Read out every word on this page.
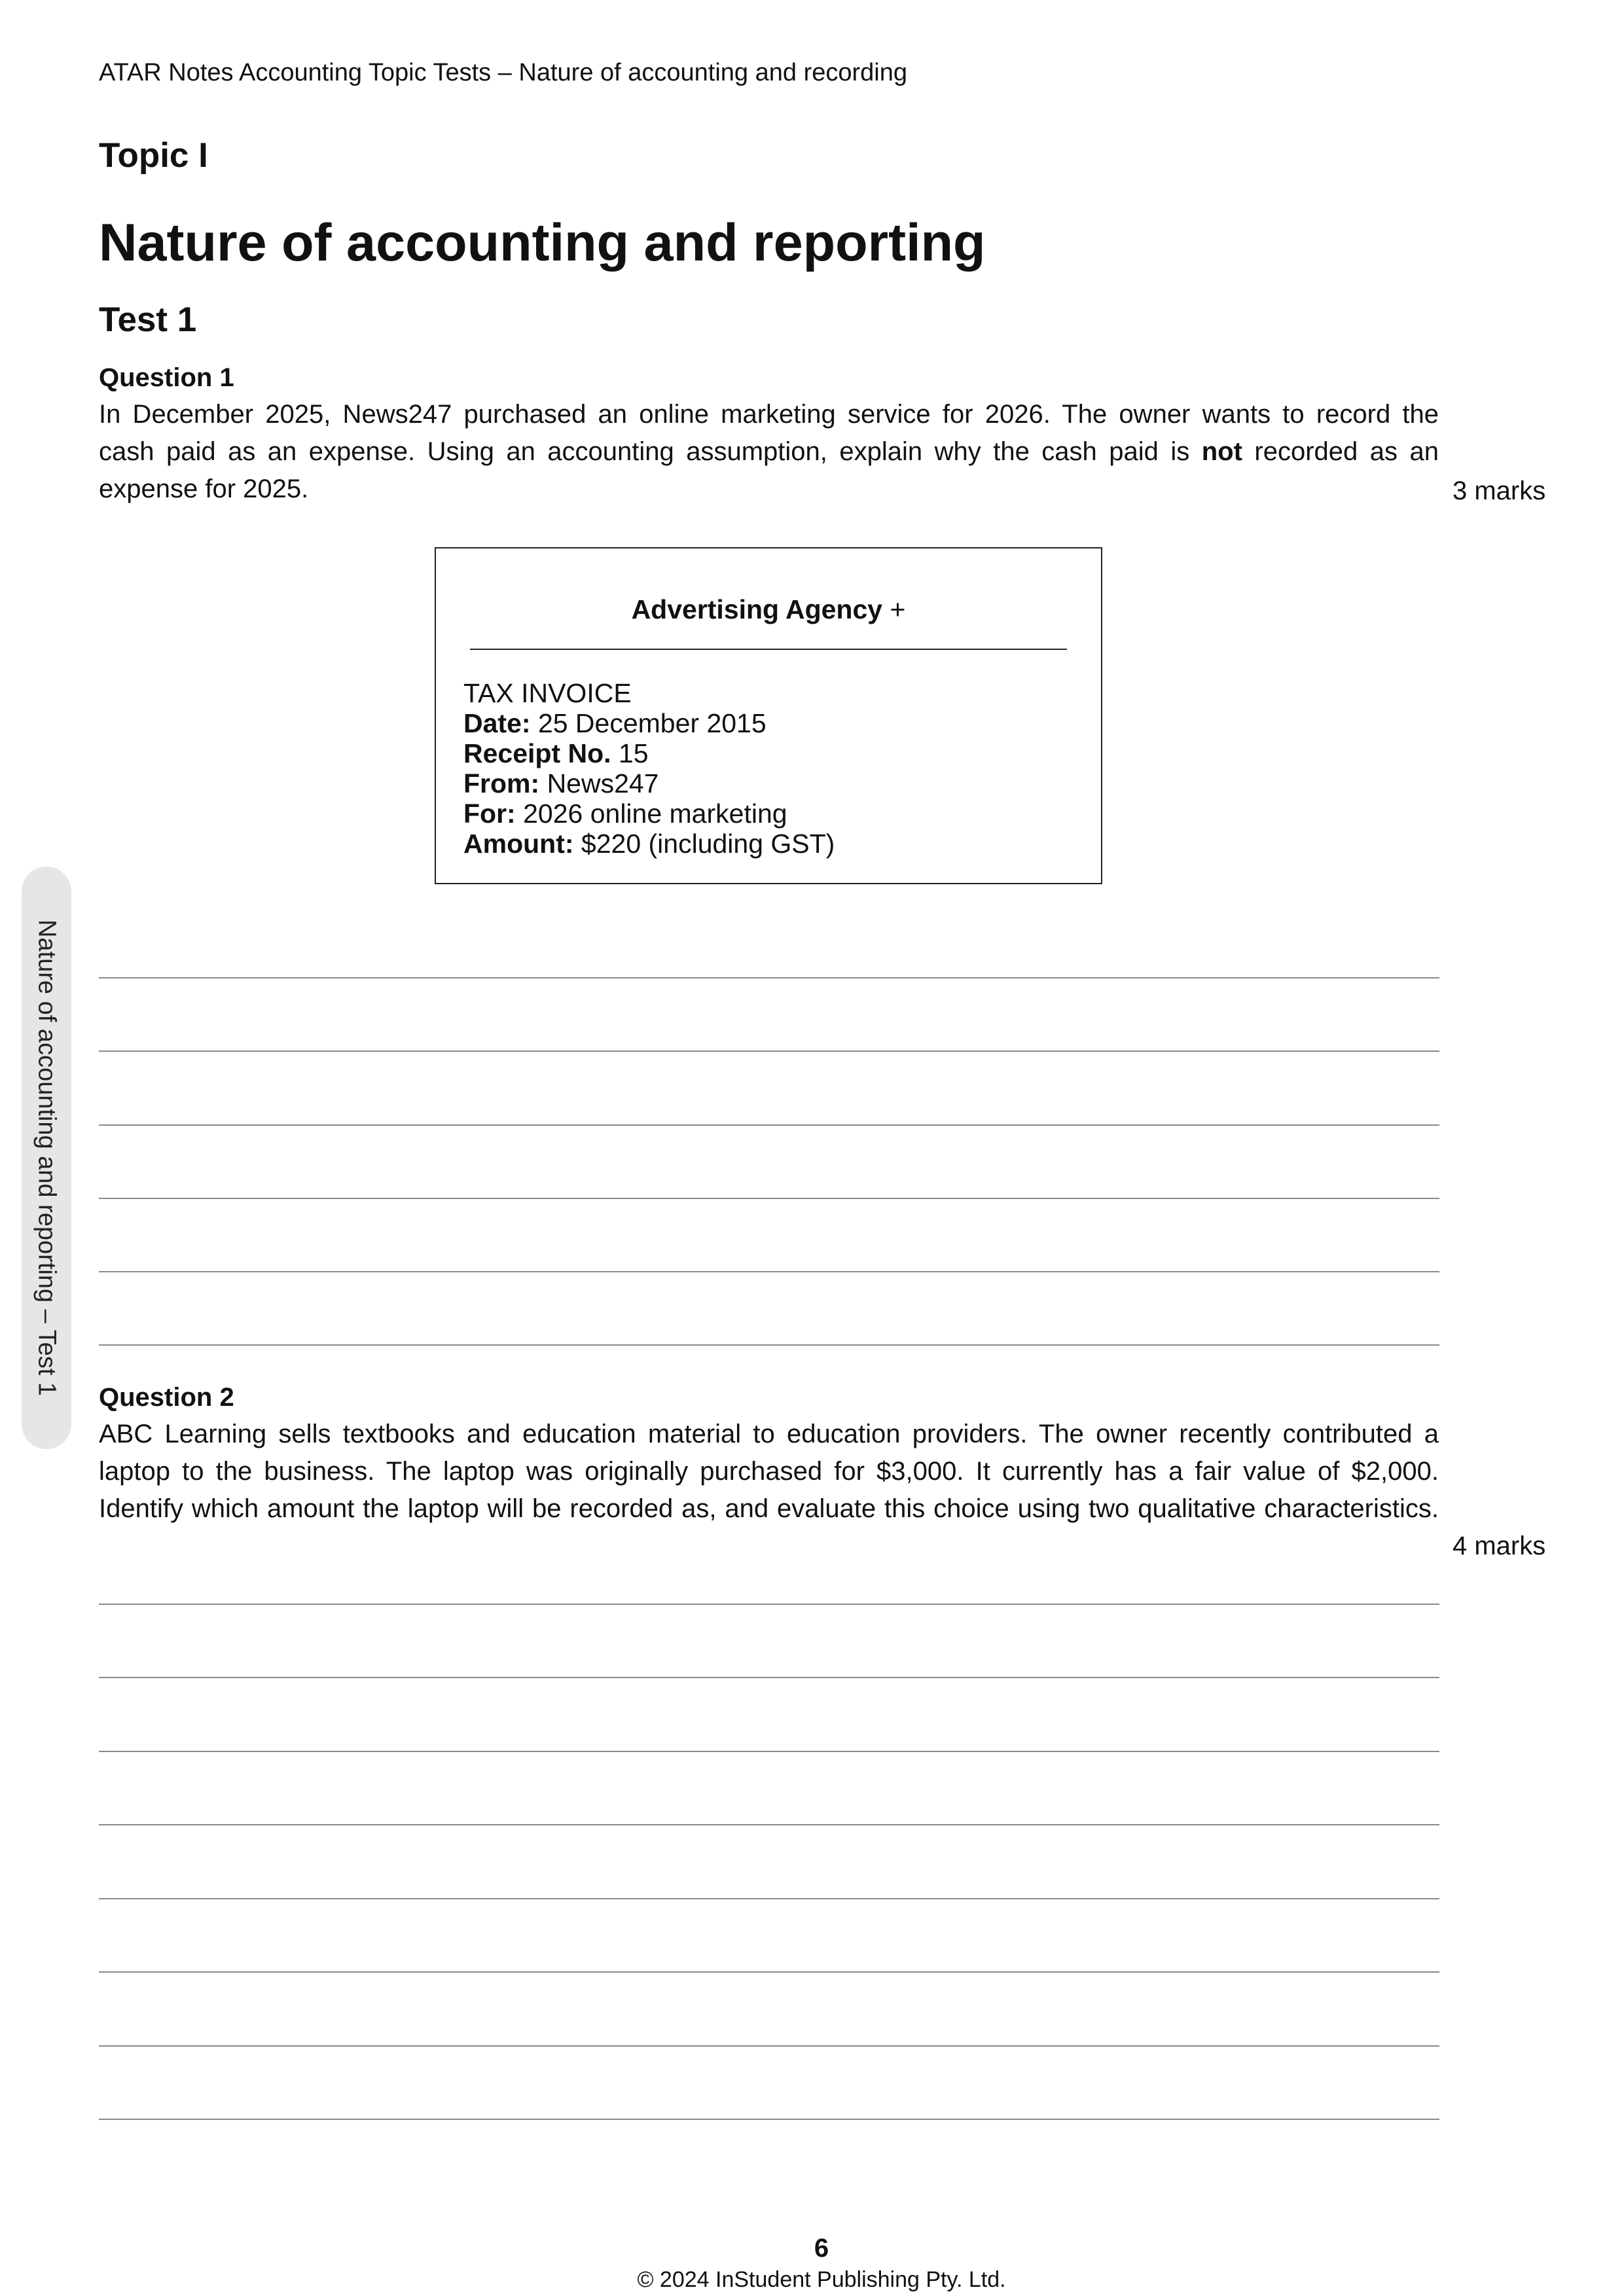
ATAR Notes Accounting Topic Tests – Nature of accounting and recording
Topic I
Nature of accounting and reporting
Test 1
Question 1
In December 2025, News247 purchased an online marketing service for 2026. The owner wants to record the
cash paid as an expense. Using an accounting assumption, explain why the cash paid is not recorded as an
expense for 2025.	3 marks
Advertising Agency +
TAX INVOICE
Date: 25 December 2015
Receipt No. 15
From: News247
For: 2026 online marketing
Amount: $220 (including GST)
Question 2
ABC Learning sells textbooks and education material to education providers. The owner recently contributed a
laptop to the business. The laptop was originally purchased for $3,000. It currently has a fair value of $2,000.
Identify which amount the laptop will be recorded as, and evaluate this choice using two qualitative characteristics.
4 marks
Nature of accounting and reporting – Test 1
6
© 2024 InStudent Publishing Pty. Ltd.
